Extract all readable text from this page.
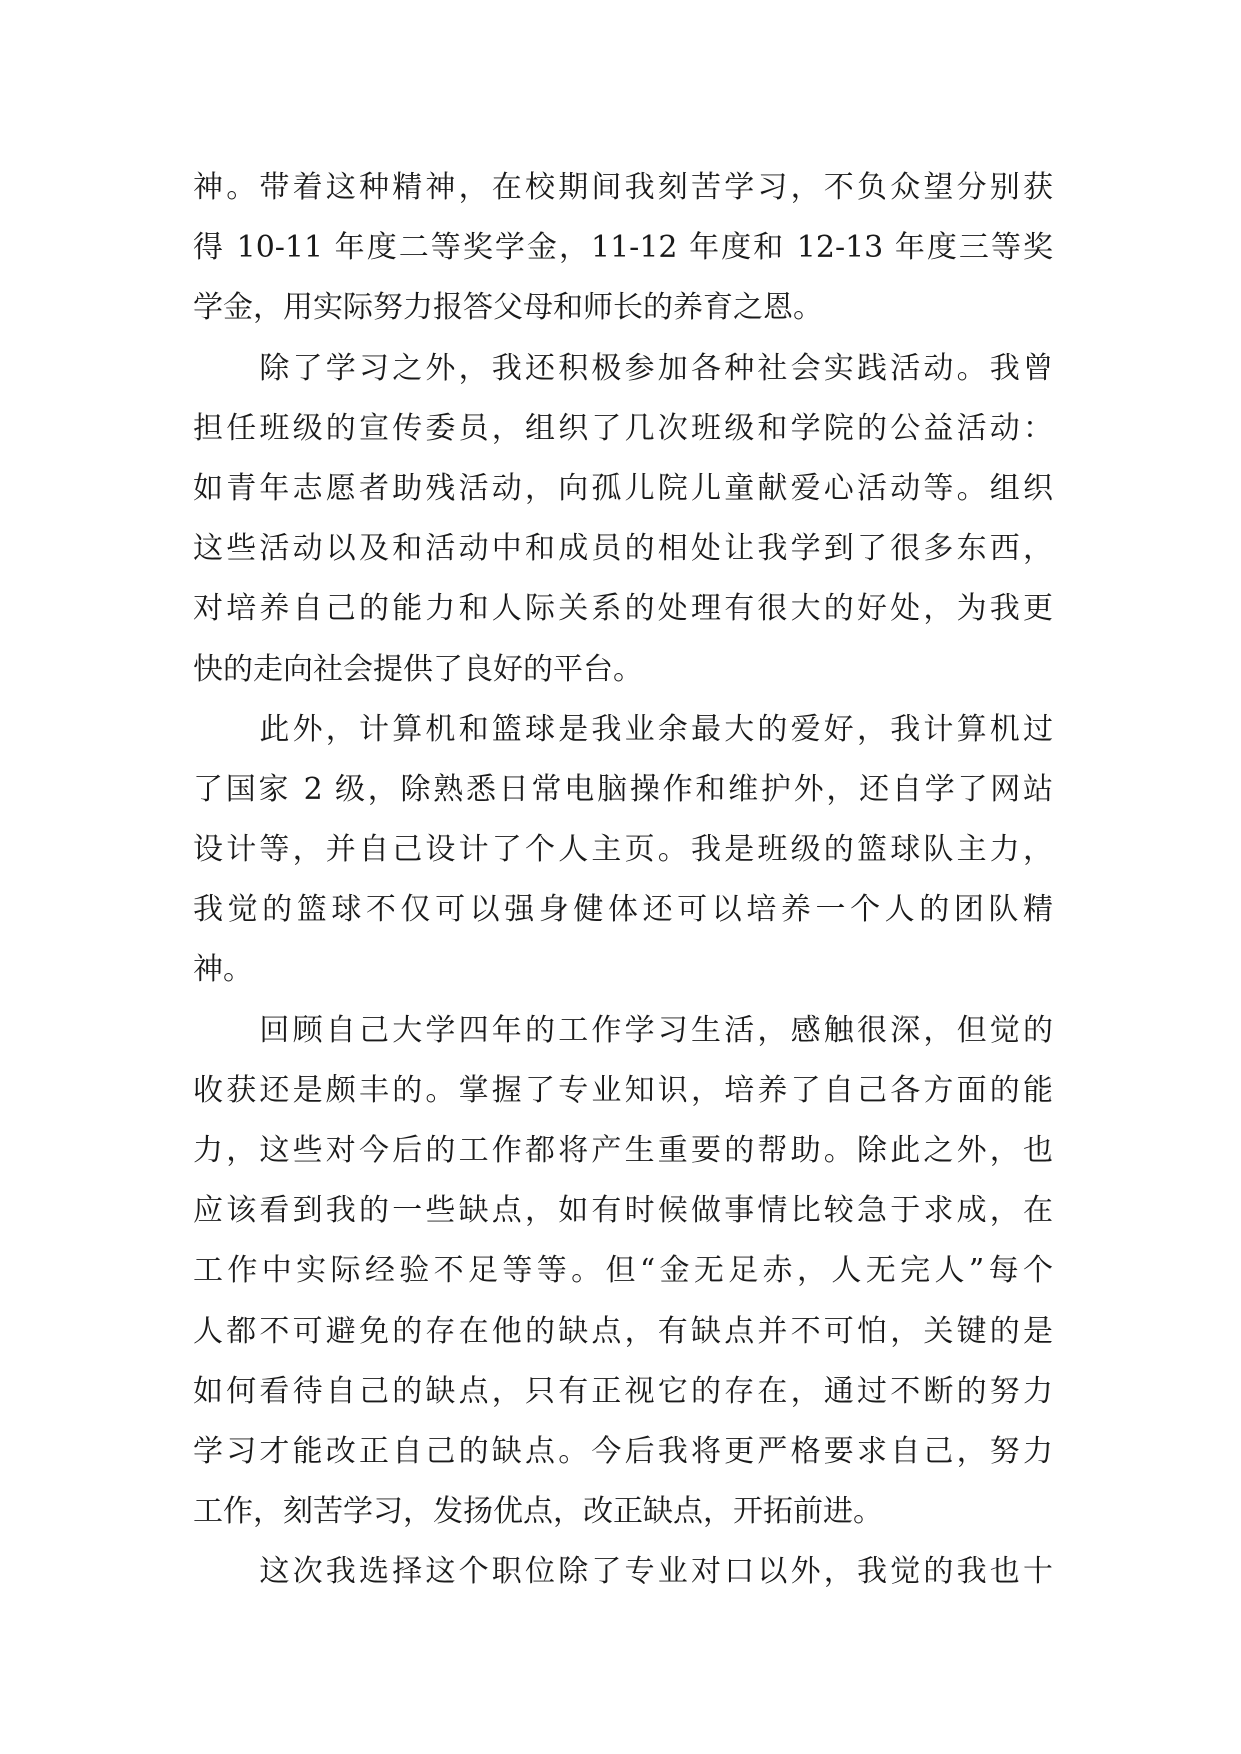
神。带着这种精神，在校期间我刻苦学习，不负众望分别获
得 10-11 年度二等奖学金，11-12 年度和 12-13 年度三等奖
学金，用实际努力报答父母和师长的养育之恩。
　　除了学习之外，我还积极参加各种社会实践活动。我曾
担任班级的宣传委员，组织了几次班级和学院的公益活动：
如青年志愿者助残活动，向孤儿院儿童献爱心活动等。组织
这些活动以及和活动中和成员的相处让我学到了很多东西，
对培养自己的能力和人际关系的处理有很大的好处，为我更
快的走向社会提供了良好的平台。
　　此外，计算机和篮球是我业余最大的爱好，我计算机过
了国家 2 级，除熟悉日常电脑操作和维护外，还自学了网站
设计等，并自己设计了个人主页。我是班级的篮球队主力，
我觉的篮球不仅可以强身健体还可以培养一个人的团队精
神。
　　回顾自己大学四年的工作学习生活，感触很深，但觉的
收获还是颇丰的。掌握了专业知识，培养了自己各方面的能
力，这些对今后的工作都将产生重要的帮助。除此之外，也
应该看到我的一些缺点，如有时候做事情比较急于求成，在
工作中实际经验不足等等。但“金无足赤，人无完人”每个
人都不可避免的存在他的缺点，有缺点并不可怕，关键的是
如何看待自己的缺点，只有正视它的存在，通过不断的努力
学习才能改正自己的缺点。今后我将更严格要求自己，努力
工作，刻苦学习，发扬优点，改正缺点，开拓前进。
　　这次我选择这个职位除了专业对口以外，我觉的我也十
